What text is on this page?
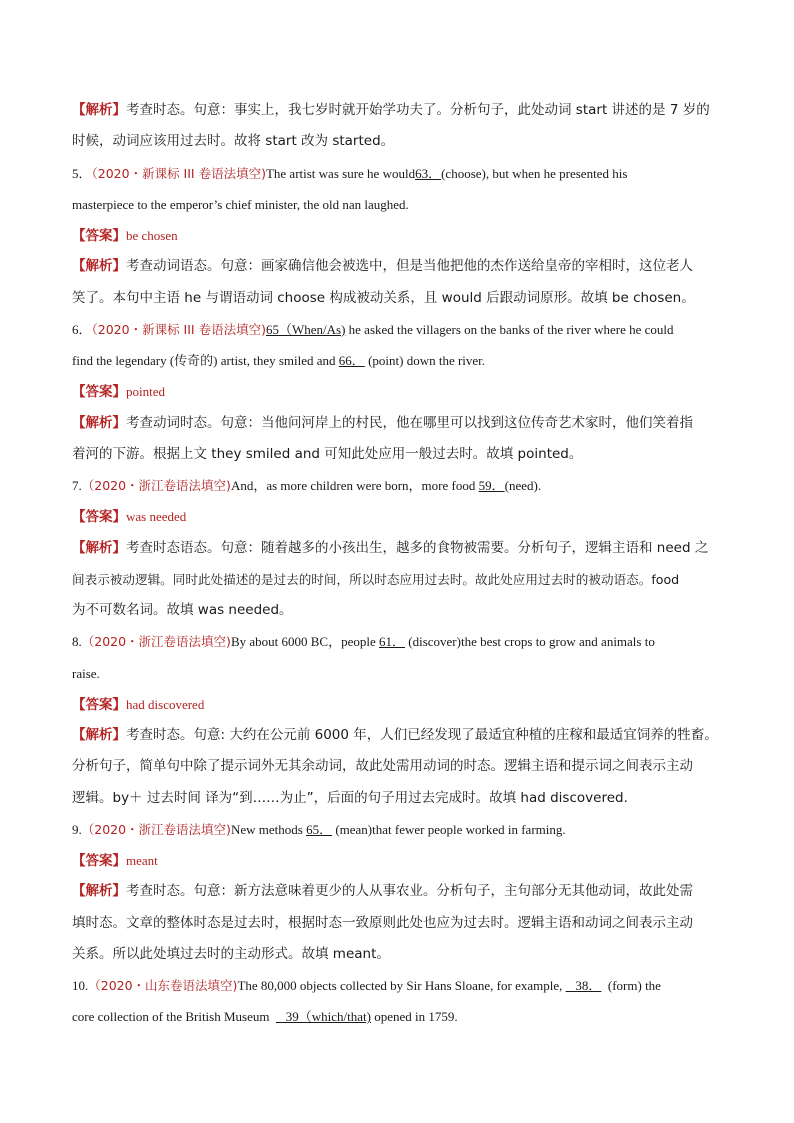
【解析】考查时态。句意：事实上，我七岁时就开始学功夫了。分析句子，此处动词 start 讲述的是 7 岁的
时候，动词应该用过去时。故将 start 改为 started。
5．（2020・新课标 III 卷语法填空)The artist was sure he would63．(choose), but when he presented his
masterpiece to the emperor’s chief minister, the old nan laughed.
【答案】be chosen
【解析】考查动词语态。句意：画家确信他会被选中，但是当他把他的杰作送给皇帝的宰相时，这位老人
笑了。本句中主语 he 与谓语动词 choose 构成被动关系，且 would 后跟动词原形。故填 be chosen。
6．（2020・新课标 III 卷语法填空)65（When/As) he asked the villagers on the banks of the river where he could
find the legendary (传奇的) artist, they smiled and 66． (point) down the river.
【答案】pointed
【解析】考查动词时态。句意：当他问河岸上的村民，他在哪里可以找到这位传奇艺术家时，他们笑着指
着河的下游。根据上文 they smiled and 可知此处应用一般过去时。故填 pointed。
7.（2020・浙江卷语法填空)And，as more children were born，more food 59．(need).
【答案】was needed
【解析】考查时态语态。句意：随着越多的小孩出生，越多的食物被需要。分析句子，逻辑主语和 need 之
间表示被动逻辑。同时此处描述的是过去的时间，所以时态应用过去时。故此处应用过去时的被动语态。food
为不可数名词。故填 was needed。
8.（2020・浙江卷语法填空)By about 6000 BC，people 61． (discover)the best crops to grow and animals to
raise.
【答案】had discovered
【解析】考查时态。句意: 大约在公元前 6000 年，人们已经发现了最适宜种植的庄稼和最适宜饲养的牲畜。
分析句子，简单句中除了提示词外无其余动词，故此处需用动词的时态。逻辑主语和提示词之间表示主动
逻辑。by＋ 过去时间 译为“到……为止”，后面的句子用过去完成时。故填 had discovered.
9.（2020・浙江卷语法填空)New methods 65． (mean)that fewer people worked in farming.
【答案】meant
【解析】考查时态。句意：新方法意味着更少的人从事农业。分析句子，主句部分无其他动词，故此处需
填时态。文章的整体时态是过去时，根据时态一致原则此处也应为过去时。逻辑主语和动词之间表示主动
关系。所以此处填过去时的主动形式。故填 meant。
10.（2020・山东卷语法填空)The 80,000 objects collected by Sir Hans Sloane, for example,    38．  (form) the
core collection of the British Museum     39（which/that) opened in 1759.
